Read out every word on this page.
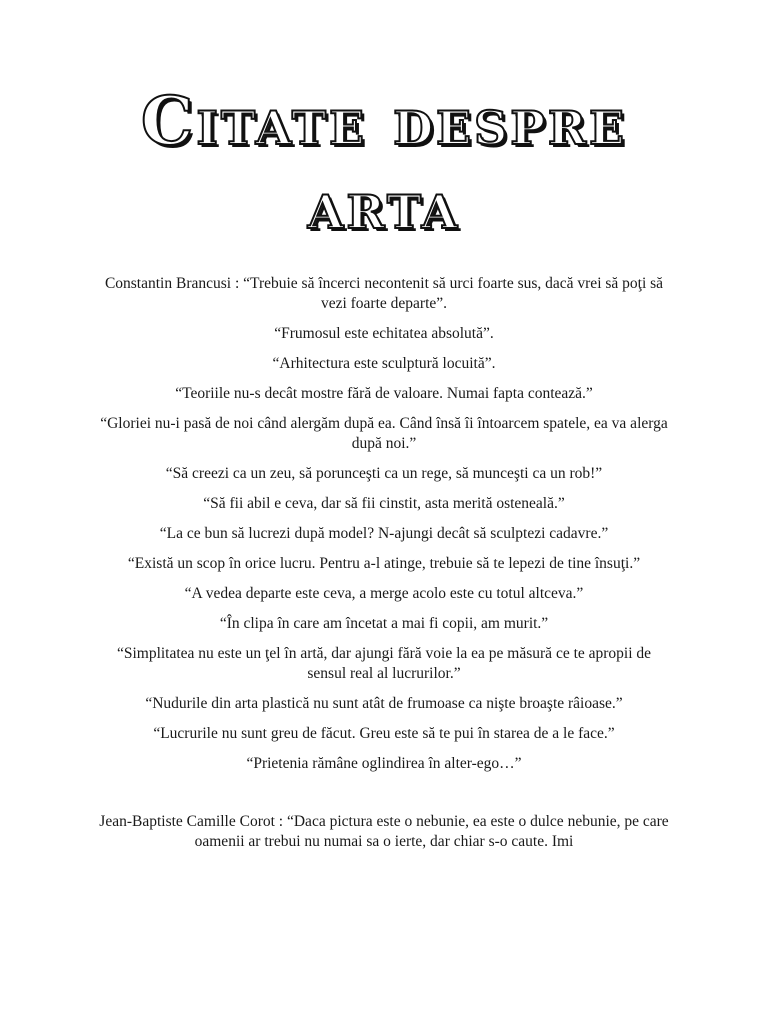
Citate despre
arta

Constantin Brancusi : “Trebuie să încerci necontenit să urci foarte sus, dacă vrei să poţi să vezi foarte departe”.

“Frumosul este echitatea absolută”.

“Arhitectura este sculptură locuită”.

“Teoriile nu-s decât mostre fără de valoare. Numai fapta contează.”

“Gloriei nu-i pasă de noi când alergăm după ea. Când însă îi întoarcem spatele, ea va alerga după noi.”

“Să creezi ca un zeu, să porunceşti ca un rege, să munceşti ca un rob!”

“Să fii abil e ceva, dar să fii cinstit, asta merită osteneală.”

“La ce bun să lucrezi după model? N-ajungi decât să sculptezi cadavre.”

“Există un scop în orice lucru. Pentru a-l atinge, trebuie să te lepezi de tine însuţi.”

“A vedea departe este ceva, a merge acolo este cu totul altceva.”

“În clipa în care am încetat a mai fi copii, am murit.”

“Simplitatea nu este un ţel în artă, dar ajungi fără voie la ea pe măsură ce te apropii de sensul real al lucrurilor.”

“Nudurile din arta plastică nu sunt atât de frumoase ca nişte broaşte râioase.”

“Lucrurile nu sunt greu de făcut. Greu este să te pui în starea de a le face.”

“Prietenia rămâne oglindirea în alter-ego…”

Jean-Baptiste Camille Corot : “Daca pictura este o nebunie, ea este o dulce nebunie, pe care oamenii ar trebui nu numai sa o ierte, dar chiar s-o caute. Imi
